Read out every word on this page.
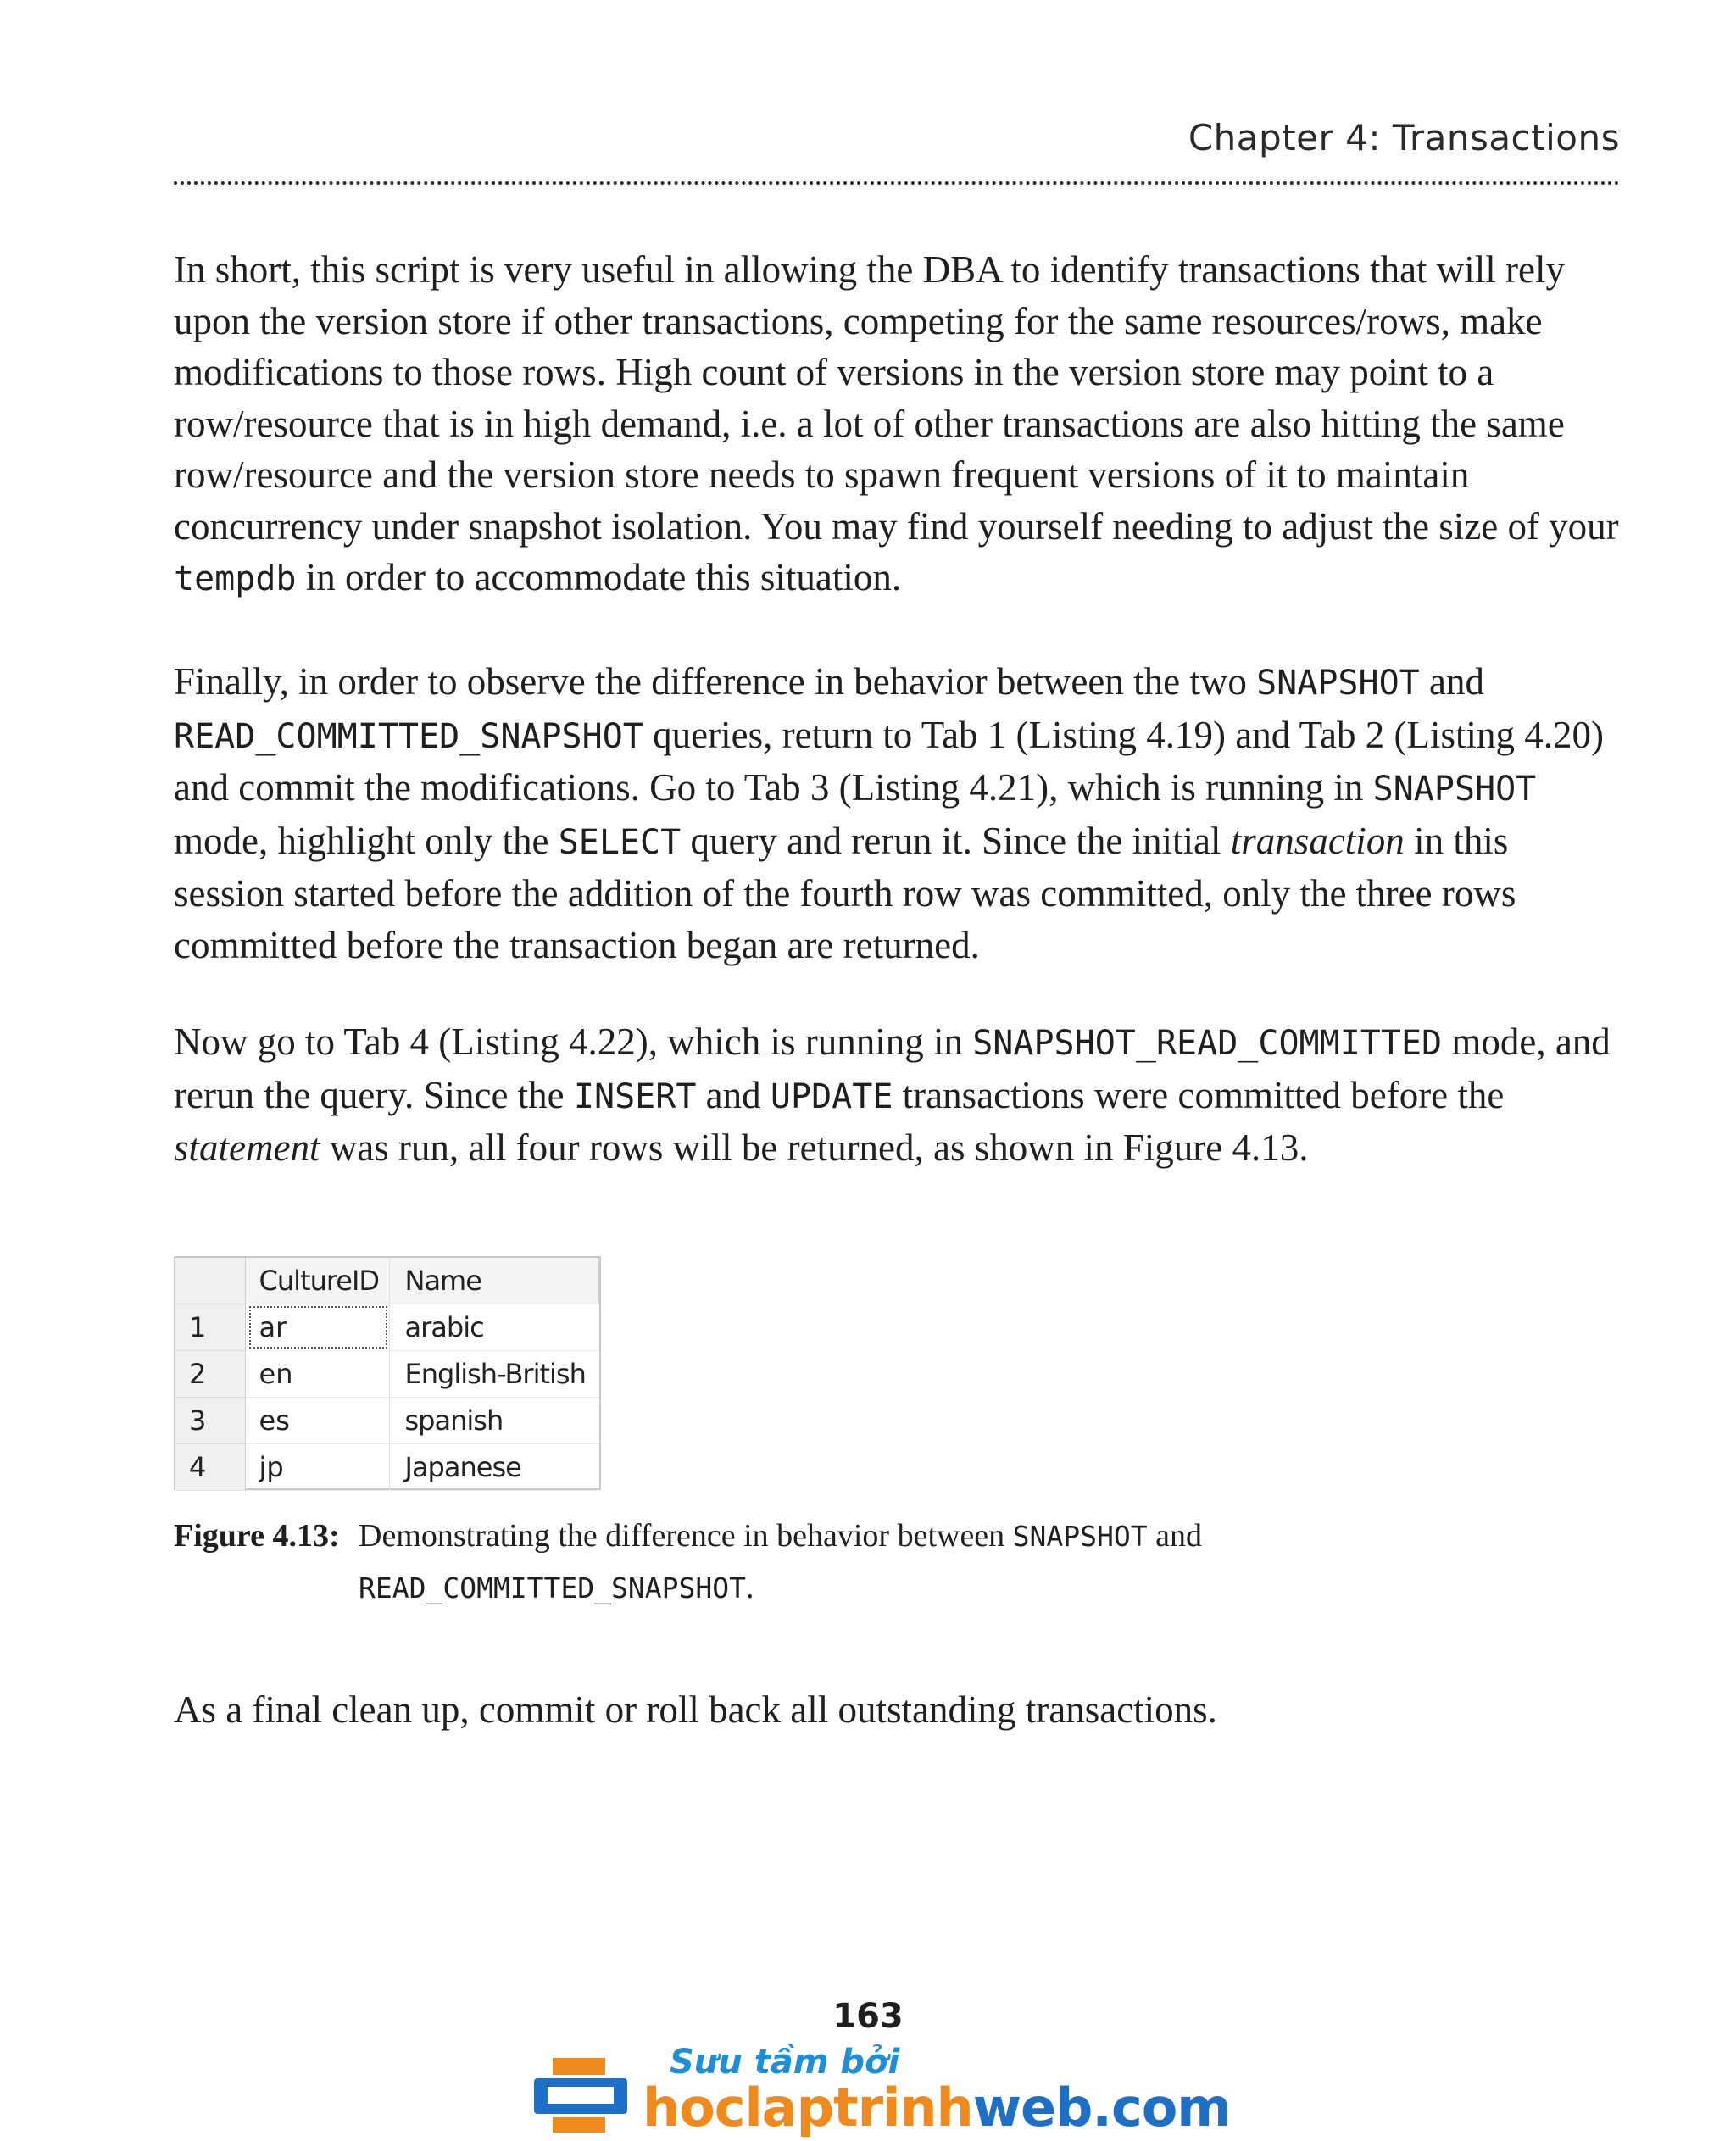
Chapter 4: Transactions

In short, this script is very useful in allowing the DBA to identify transactions that will rely upon the version store if other transactions, competing for the same resources/rows, make modifications to those rows. High count of versions in the version store may point to a row/resource that is in high demand, i.e. a lot of other transactions are also hitting the same row/resource and the version store needs to spawn frequent versions of it to maintain concurrency under snapshot isolation. You may find yourself needing to adjust the size of your tempdb in order to accommodate this situation.

Finally, in order to observe the difference in behavior between the two SNAPSHOT and READ_COMMITTED_SNAPSHOT queries, return to Tab 1 (Listing 4.19) and Tab 2 (Listing 4.20) and commit the modifications. Go to Tab 3 (Listing 4.21), which is running in SNAPSHOT mode, highlight only the SELECT query and rerun it. Since the initial transaction in this session started before the addition of the fourth row was committed, only the three rows committed before the transaction began are returned.

Now go to Tab 4 (Listing 4.22), which is running in SNAPSHOT_READ_COMMITTED mode, and rerun the query. Since the INSERT and UPDATE transactions were committed before the statement was run, all four rows will be returned, as shown in Figure 4.13.

	CultureID	Name
1	ar	arabic
2	en	English-British
3	es	spanish
4	jp	Japanese
Figure 4.13: Demonstrating the difference in behavior between SNAPSHOT and
READ_COMMITTED_SNAPSHOT.

As a final clean up, commit or roll back all outstanding transactions.

163
Sưu tầm bởi
hoclaptrinhweb.com
